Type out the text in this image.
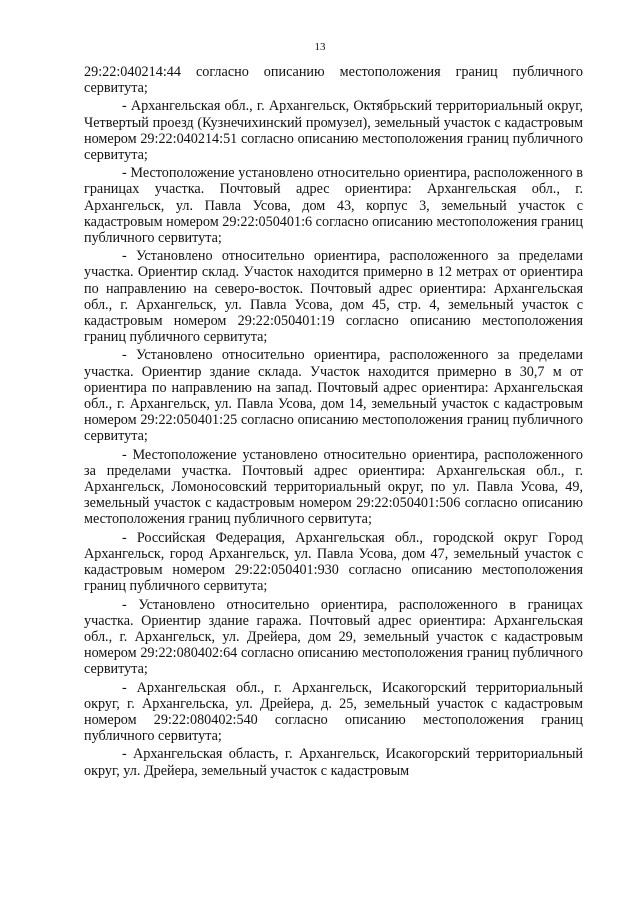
13

29:22:040214:44 согласно описанию местоположения границ публичного сервитута;

- Архангельская обл., г. Архангельск, Октябрьский территориальный округ, Четвертый проезд (Кузнечихинский промузел), земельный участок с кадастровым номером 29:22:040214:51 согласно описанию местоположения границ публичного сервитута;

- Местоположение установлено относительно ориентира, расположенного в границах участка. Почтовый адрес ориентира: Архангельская обл., г. Архангельск, ул. Павла Усова, дом 43, корпус 3, земельный участок с кадастровым номером 29:22:050401:6 согласно описанию местоположения границ публичного сервитута;

- Установлено относительно ориентира, расположенного за пределами участка. Ориентир склад. Участок находится примерно в 12 метрах от ориентира по направлению на северо-восток. Почтовый адрес ориентира: Архангельская обл., г. Архангельск, ул. Павла Усова, дом 45, стр. 4, земельный участок с кадастровым номером 29:22:050401:19 согласно описанию местоположения границ публичного сервитута;

- Установлено относительно ориентира, расположенного за пределами участка. Ориентир здание склада. Участок находится примерно в 30,7 м от ориентира по направлению на запад. Почтовый адрес ориентира: Архангельская обл., г. Архангельск, ул. Павла Усова, дом 14, земельный участок с кадастровым номером 29:22:050401:25 согласно описанию местоположения границ публичного сервитута;

- Местоположение установлено относительно ориентира, расположенного за пределами участка. Почтовый адрес ориентира: Архангельская обл., г. Архангельск, Ломоносовский территориальный округ, по ул. Павла Усова, 49, земельный участок с кадастровым номером 29:22:050401:506 согласно описанию местоположения границ публичного сервитута;

- Российская Федерация, Архангельская обл., городской округ Город Архангельск, город Архангельск, ул. Павла Усова, дом 47, земельный участок с кадастровым номером 29:22:050401:930 согласно описанию местоположения границ публичного сервитута;

- Установлено относительно ориентира, расположенного в границах участка. Ориентир здание гаража. Почтовый адрес ориентира: Архангельская обл., г. Архангельск, ул. Дрейера, дом 29, земельный участок с кадастровым номером 29:22:080402:64 согласно описанию местоположения границ публичного сервитута;

- Архангельская обл., г. Архангельск, Исакогорский территориальный округ, г. Архангельска, ул. Дрейера, д. 25, земельный участок с кадастровым номером 29:22:080402:540 согласно описанию местоположения границ публичного сервитута;

- Архангельская область, г. Архангельск, Исакогорский территориальный округ, ул. Дрейера, земельный участок с кадастровым
